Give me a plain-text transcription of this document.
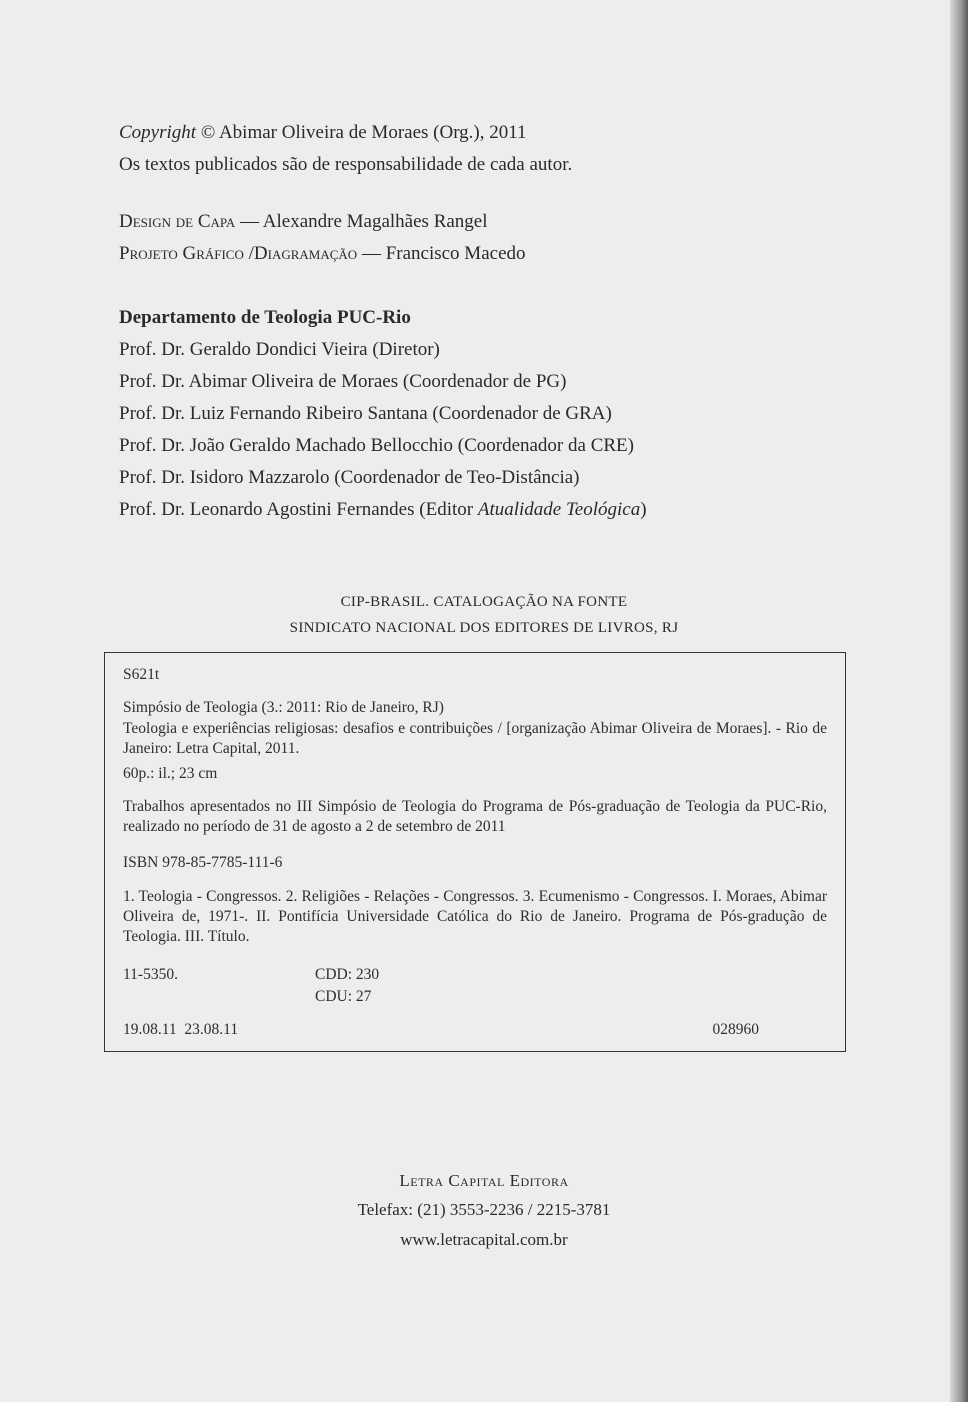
Copyright © Abimar Oliveira de Moraes (Org.), 2011
Os textos publicados são de responsabilidade de cada autor.
Design de Capa — Alexandre Magalhães Rangel
Projeto Gráfico /Diagramação — Francisco Macedo
Departamento de Teologia PUC-Rio
Prof. Dr. Geraldo Dondici Vieira (Diretor)
Prof. Dr. Abimar Oliveira de Moraes (Coordenador de PG)
Prof. Dr. Luiz Fernando Ribeiro Santana (Coordenador de GRA)
Prof. Dr. João Geraldo Machado Bellocchio (Coordenador da CRE)
Prof. Dr. Isidoro Mazzarolo (Coordenador de Teo-Distância)
Prof. Dr. Leonardo Agostini Fernandes (Editor Atualidade Teológica)
CIP-BRASIL. CATALOGAÇÃO NA FONTE
SINDICATO NACIONAL DOS EDITORES DE LIVROS, RJ
S621t
Simpósio de Teologia (3.: 2011: Rio de Janeiro, RJ)
Teologia e experiências religiosas: desafios e contribuições / [organização Abimar Oliveira de Moraes]. - Rio de Janeiro: Letra Capital, 2011.
60p.: il.; 23 cm
Trabalhos apresentados no III Simpósio de Teologia do Programa de Pós-graduação de Teologia da PUC-Rio, realizado no período de 31 de agosto a 2 de setembro de 2011
ISBN 978-85-7785-111-6
1. Teologia - Congressos. 2. Religiões - Relações - Congressos. 3. Ecumenismo - Congressos. I. Moraes, Abimar Oliveira de, 1971-. II. Pontifícia Universidade Católica do Rio de Janeiro. Programa de Pós-gradução de Teologia. III. Título.
11-5350.	CDD: 230
CDU: 27
19.08.11  23.08.11	028960
Letra Capital Editora
Telefax: (21) 3553-2236 / 2215-3781
www.letracapital.com.br
